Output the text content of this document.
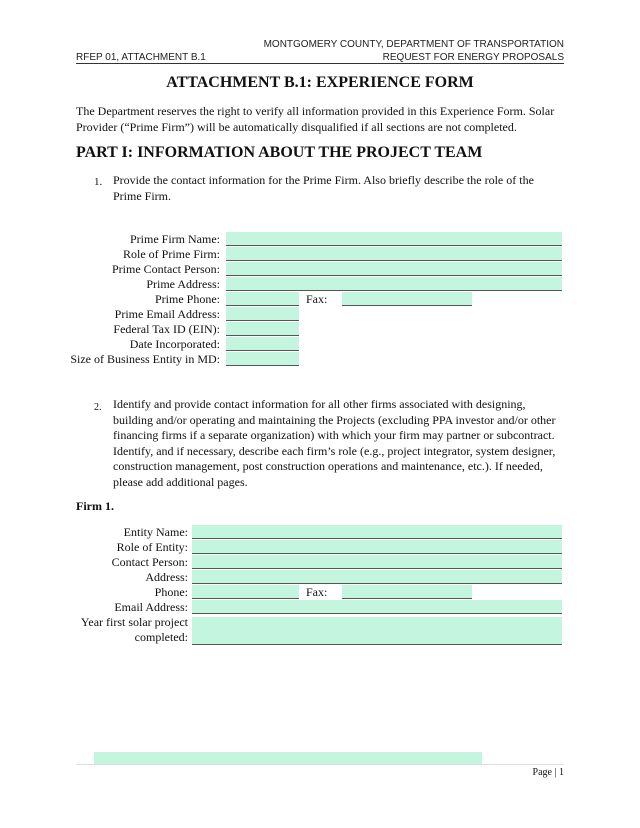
MONTGOMERY COUNTY, DEPARTMENT OF TRANSPORTATION
RFEP 01, ATTACHMENT B.1	REQUEST FOR ENERGY PROPOSALS
ATTACHMENT B.1: EXPERIENCE FORM
The Department reserves the right to verify all information provided in this Experience Form. Solar Provider (“Prime Firm”) will be automatically disqualified if all sections are not completed.
PART I: INFORMATION ABOUT THE PROJECT TEAM
1. Provide the contact information for the Prime Firm. Also briefly describe the role of the Prime Firm.
Prime Firm Name:
Role of Prime Firm:
Prime Contact Person:
Prime Address:
Prime Phone:	Fax:
Prime Email Address:
Federal Tax ID (EIN):
Date Incorporated:
Size of Business Entity in MD:
2. Identify and provide contact information for all other firms associated with designing, building and/or operating and maintaining the Projects (excluding PPA investor and/or other financing firms if a separate organization) with which your firm may partner or subcontract. Identify, and if necessary, describe each firm’s role (e.g., project integrator, system designer, construction management, post construction operations and maintenance, etc.). If needed, please add additional pages.
Firm 1.
Entity Name:
Role of Entity:
Contact Person:
Address:
Phone:	Fax:
Email Address:
Year first solar project
completed:
Page | 1
